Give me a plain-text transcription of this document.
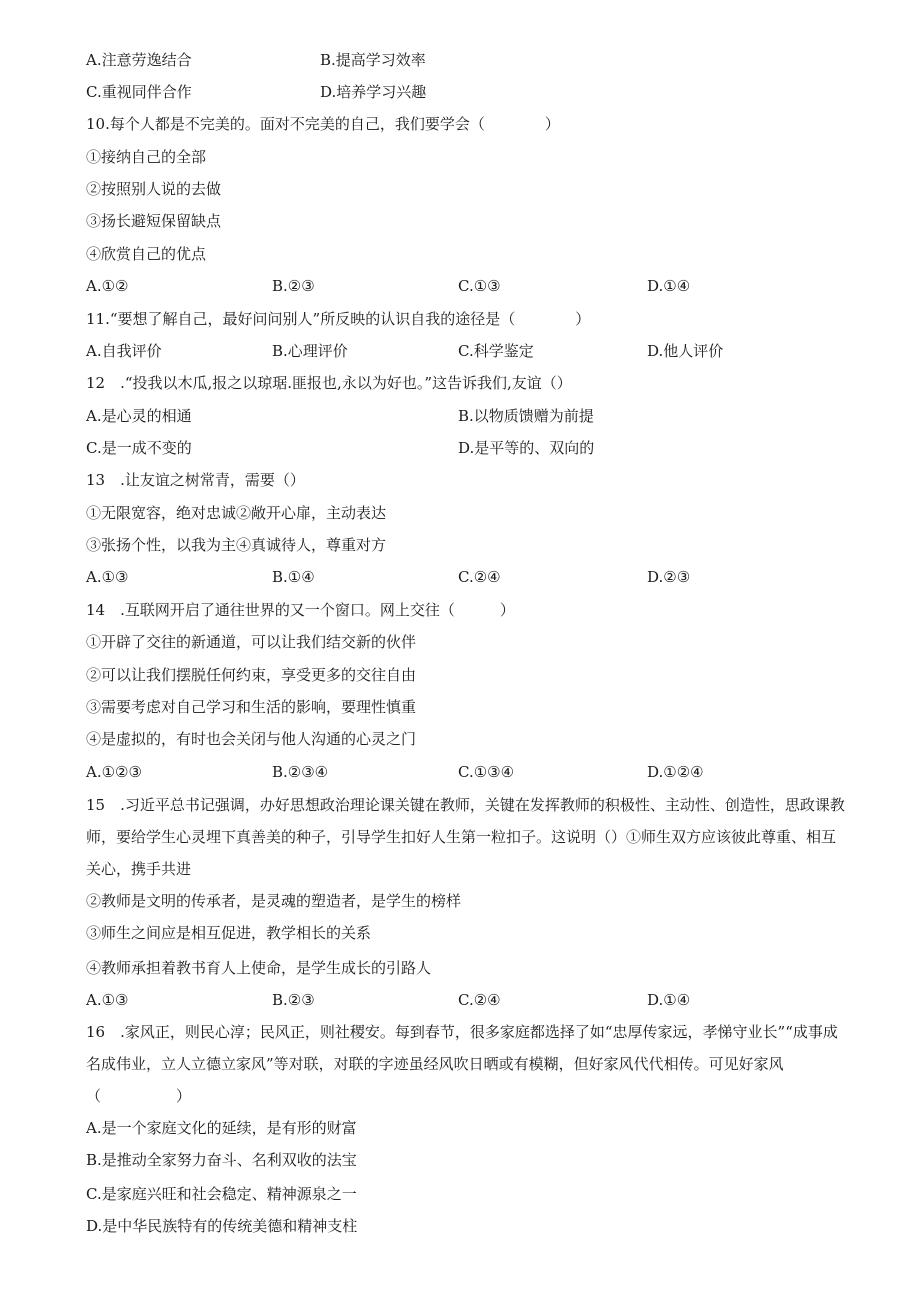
A.注意劳逸结合	B.提高学习效率
C.重视同伴合作	D.培养学习兴趣
10.每个人都是不完美的。面对不完美的自己，我们要学会（　　　　）
①接纳自己的全部
②按照别人说的去做
③扬长避短保留缺点
④欣赏自己的优点
A.①②	B.②③	C.①③	D.①④
11.“要想了解自己，最好问问别人”所反映的认识自我的途径是（　　　　）
A.自我评价	B.心理评价	C.科学鉴定	D.他人评价
12　.“投我以木瓜,报之以琼琚.匪报也,永以为好也。”这告诉我们,友谊（）
A.是心灵的相通	B.以物质馈赠为前提
C.是一成不变的	D.是平等的、双向的
13　.让友谊之树常青，需要（）
①无限宽容，绝对忠诚②敞开心扉，主动表达
③张扬个性，以我为主④真诚待人，尊重对方
A.①③	B.①④	C.②④	D.②③
14　.互联网开启了通往世界的又一个窗口。网上交往（　　　）
①开辟了交往的新通道，可以让我们结交新的伙伴
②可以让我们摆脱任何约束，享受更多的交往自由
③需要考虑对自己学习和生活的影响，要理性慎重
④是虚拟的，有时也会关闭与他人沟通的心灵之门
A.①②③	B.②③④	C.①③④	D.①②④
15　.习近平总书记强调，办好思想政治理论课关键在教师，关键在发挥教师的积极性、主动性、创造性，思政课教师，要给学生心灵埋下真善美的种子，引导学生扣好人生第一粒扣子。这说明（）①师生双方应该彼此尊重、相互关心，携手共进
②教师是文明的传承者，是灵魂的塑造者，是学生的榜样
③师生之间应是相互促进，教学相长的关系
④教师承担着教书育人上使命，是学生成长的引路人
A.①③	B.②③	C.②④	D.①④
16　.家风正，则民心淳；民风正，则社稷安。每到春节，很多家庭都选择了如“忠厚传家远，孝悌守业长”“成事成名成伟业，立人立德立家风”等对联，对联的字迹虽经风吹日晒或有模糊，但好家风代代相传。可见好家风（　　　　　）
A.是一个家庭文化的延续，是有形的财富
B.是推动全家努力奋斗、名利双收的法宝
C.是家庭兴旺和社会稳定、精神源泉之一
D.是中华民族特有的传统美德和精神支柱
